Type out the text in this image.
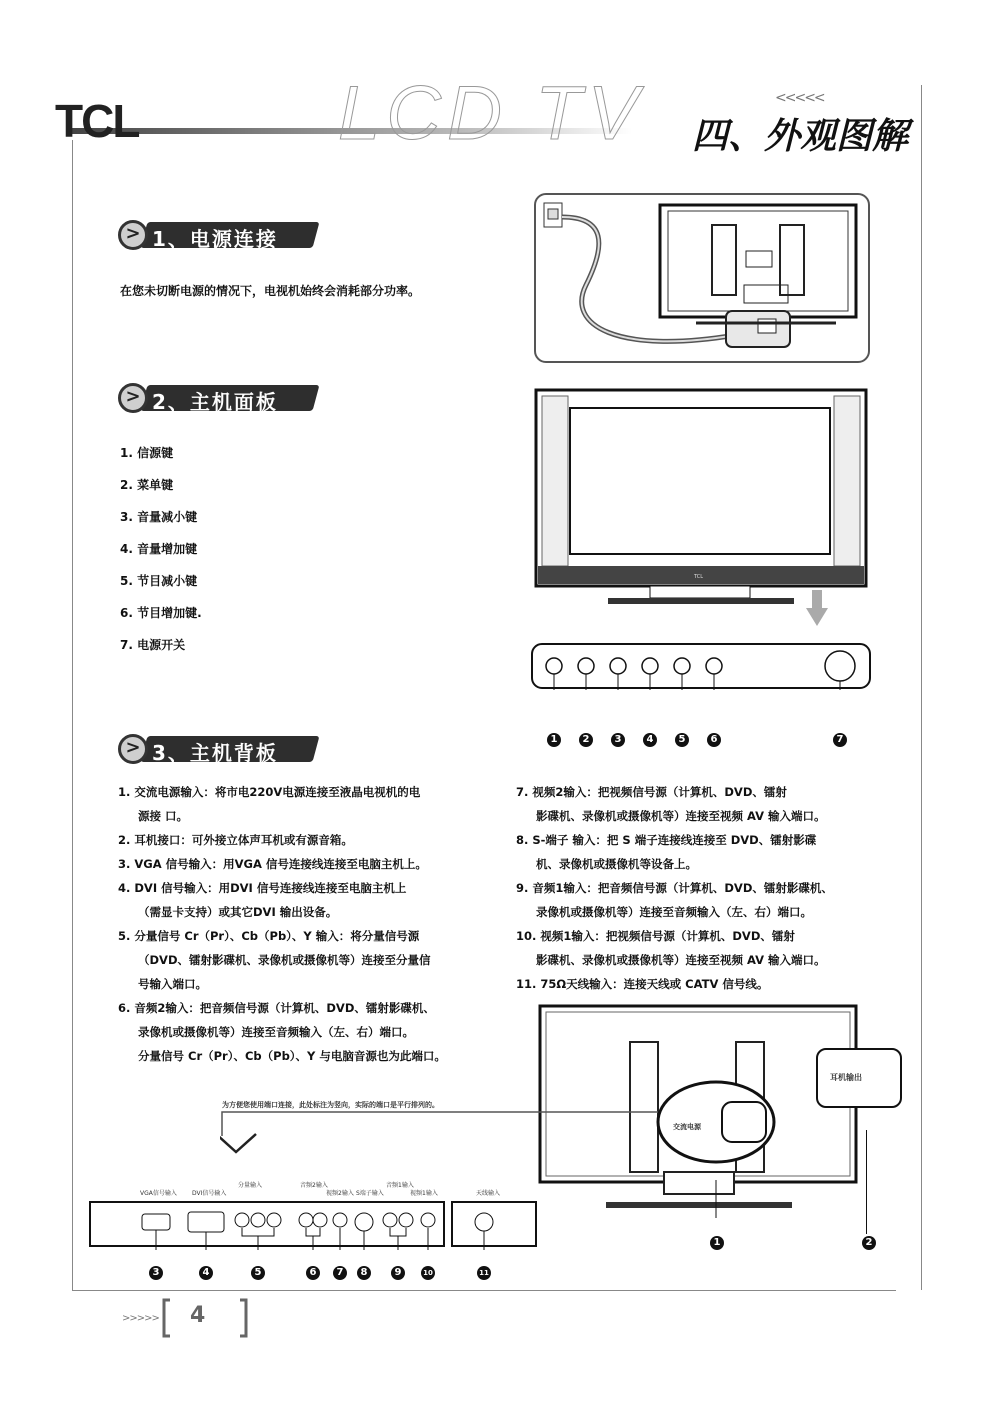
TCL	LCD TV	<<<<<
四、外观图解
> 1、电源连接
在您未切断电源的情况下，电视机始终会消耗部分功率。
> 2、主机面板
1. 信源键
2. 菜单键
3. 音量减小键
4. 音量增加键
5. 节目减小键
6. 节目增加键.
7. 电源开关
TCL
1	2	3	4	5	6	7
> 3、主机背板
1. 交流电源输入：将市电220V电源连接至液晶电视机的电
源接 口。
2. 耳机接口：可外接立体声耳机或有源音箱。
3. VGA 信号输入：用VGA 信号连接线连接至电脑主机上。
4. DVI 信号输入：用DVI 信号连接线连接至电脑主机上
（需显卡支持）或其它DVI 输出设备。
5. 分量信号 Cr（Pr）、Cb（Pb）、Y 输入：将分量信号源
（DVD、镭射影碟机、录像机或摄像机等）连接至分量信
号输入端口。
6. 音频2输入：把音频信号源（计算机、DVD、镭射影碟机、
录像机或摄像机等）连接至音频输入（左、右）端口。
分量信号 Cr（Pr）、Cb（Pb）、Y 与电脑音源也为此端口。
7. 视频2输入：把视频信号源（计算机、DVD、镭射
影碟机、录像机或摄像机等）连接至视频 AV 输入端口。
8. S-端子 输入：把 S 端子连接线连接至 DVD、镭射影碟
机、录像机或摄像机等设备上。
9. 音频1输入：把音频信号源（计算机、DVD、镭射影碟机、
录像机或摄像机等）连接至音频输入（左、右）端口。
10. 视频1输入：把视频信号源（计算机、DVD、镭射
影碟机、录像机或摄像机等）连接至视频 AV 输入端口。
11. 75Ω天线输入：连接天线或 CATV 信号线。
交流电源
耳机输出
1	2
为方便您使用端口连接，此处标注为竖向，实际的端口是平行排列的。
VGA信号输入	DVI信号输入
分量输入	音频2输入
视频2输入 S端子输入
音频1输入
视频1输入	天线输入
3	4	5	6	7	8	9	10	11
>>>>> 4
